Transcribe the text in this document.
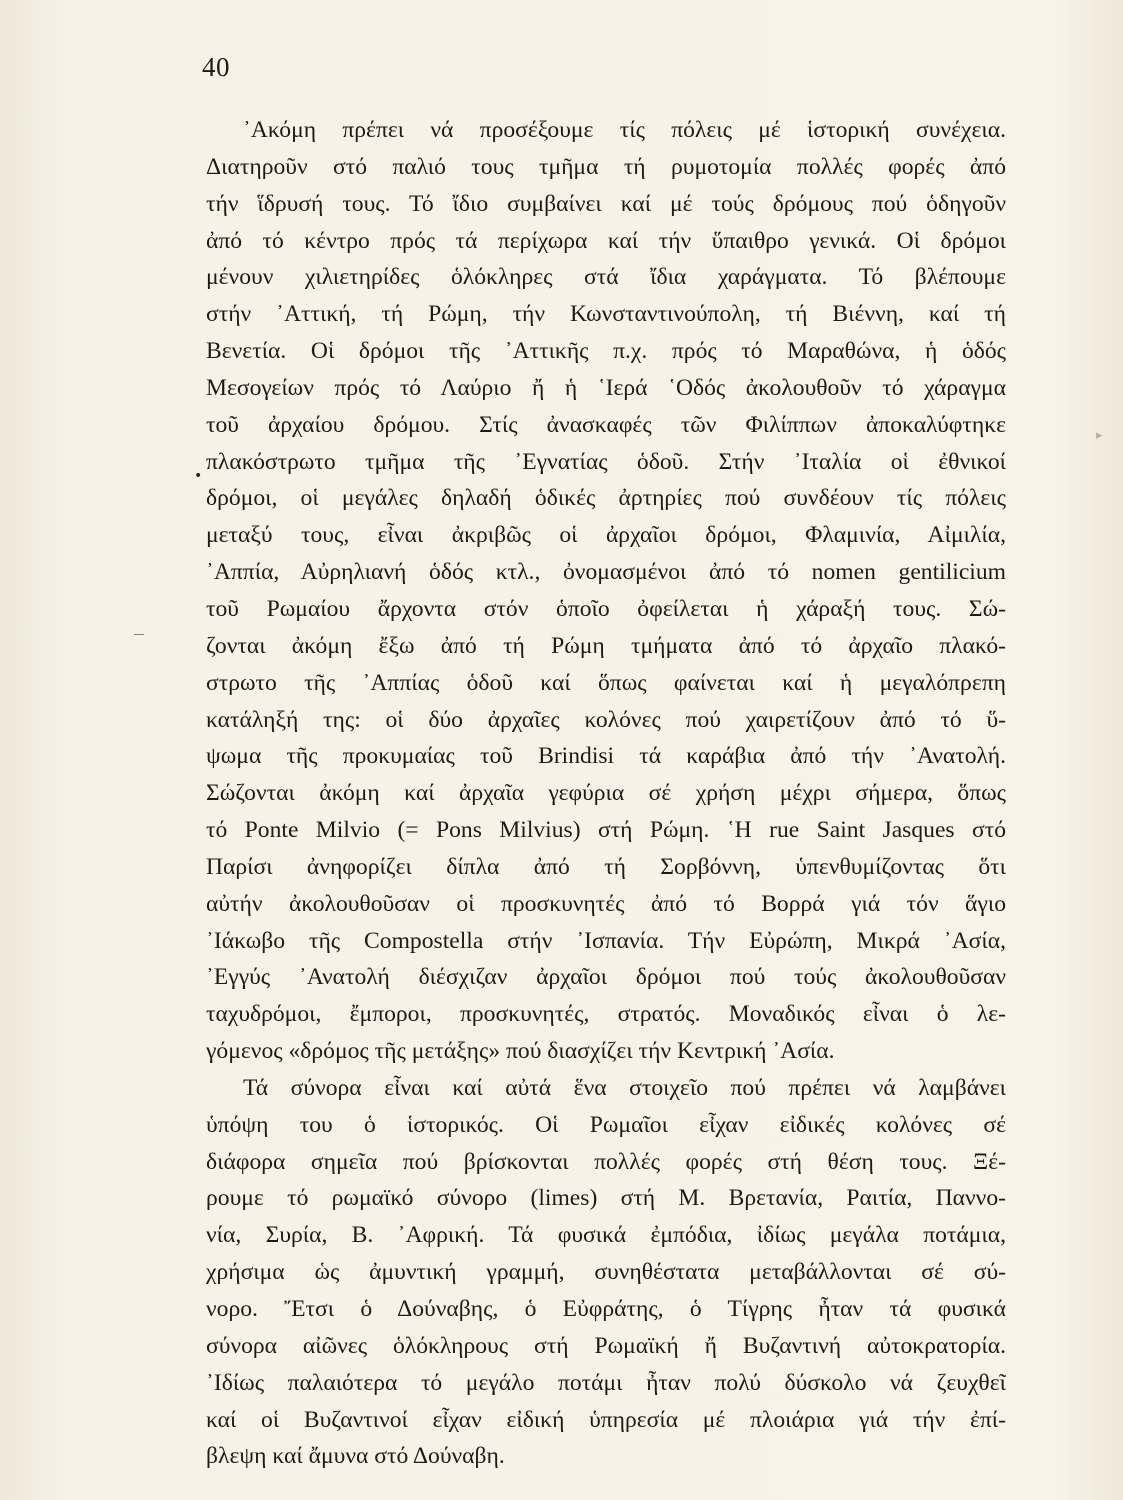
40
᾿Ακόμη πρέπει νά προσέξουμε τίς πόλεις μέ ἱστορική συνέχεια.
Διατηροῦν στό παλιό τους τμῆμα τή ρυμοτομία πολλές φορές ἀπό
τήν ἵδρυσή τους. Τό ἴδιο συμβαίνει καί μέ τούς δρόμους πού ὁδηγοῦν
ἀπό τό κέντρο πρός τά περίχωρα καί τήν ὕπαιθρο γενικά. Οἱ δρόμοι
μένουν χιλιετηρίδες ὁλόκληρες στά ἴδια χαράγματα. Τό βλέπουμε
στήν ᾿Αττική, τή Ρώμη, τήν Κωνσταντινούπολη, τή Βιέννη, καί τή
Βενετία. Οἱ δρόμοι τῆς ᾿Αττικῆς π.χ. πρός τό Μαραθώνα, ἡ ὁδός
Μεσογείων πρός τό Λαύριο ἤ ἡ ῾Ιερά ῾Οδός ἀκολουθοῦν τό χάραγμα
τοῦ ἀρχαίου δρόμου. Στίς ἀνασκαφές τῶν Φιλίππων ἀποκαλύφτηκε
πλακόστρωτο τμῆμα τῆς ᾿Εγνατίας ὁδοῦ. Στήν ᾿Ιταλία οἱ ἐθνικοί
δρόμοι, οἱ μεγάλες δηλαδή ὁδικές ἀρτηρίες πού συνδέουν τίς πόλεις
μεταξύ τους, εἶναι ἀκριβῶς οἱ ἀρχαῖοι δρόμοι, Φλαμινία, Αἰμιλία,
᾿Αππία, Αὐρηλιανή ὁδός κτλ., ὀνομασμένοι ἀπό τό nomen gentilicium
τοῦ Ρωμαίου ἄρχοντα στόν ὁποῖο ὀφείλεται ἡ χάραξή τους. Σώ-
ζονται ἀκόμη ἔξω ἀπό τή Ρώμη τμήματα ἀπό τό ἀρχαῖο πλακό-
στρωτο τῆς ᾿Αππίας ὁδοῦ καί ὅπως φαίνεται καί ἡ μεγαλόπρεπη
κατάληξή της: οἱ δύο ἀρχαῖες κολόνες πού χαιρετίζουν ἀπό τό ὕ-
ψωμα τῆς προκυμαίας τοῦ Brindisi τά καράβια ἀπό τήν ᾿Ανατολή.
Σώζονται ἀκόμη καί ἀρχαῖα γεφύρια σέ χρήση μέχρι σήμερα, ὅπως
τό Ponte Milvio (= Pons Milvius) στή Ρώμη. ῾Η rue Saint Jasques στό
Παρίσι ἀνηφορίζει δίπλα ἀπό τή Σορβόννη, ὑπενθυμίζοντας ὅτι
αὐτήν ἀκολουθοῦσαν οἱ προσκυνητές ἀπό τό Βορρά γιά τόν ἅγιο
᾿Ιάκωβο τῆς Compostella στήν ᾿Ισπανία. Τήν Εὐρώπη, Μικρά ᾿Ασία,
᾿Εγγύς ᾿Ανατολή διέσχιζαν ἀρχαῖοι δρόμοι πού τούς ἀκολουθοῦσαν
ταχυδρόμοι, ἔμποροι, προσκυνητές, στρατός. Μοναδικός εἶναι ὁ λε-
γόμενος «δρόμος τῆς μετάξης» πού διασχίζει τήν Κεντρική ᾿Ασία.
Τά σύνορα εἶναι καί αὐτά ἕνα στοιχεῖο πού πρέπει νά λαμβάνει
ὑπόψη του ὁ ἱστορικός. Οἱ Ρωμαῖοι εἶχαν εἰδικές κολόνες σέ
διάφορα σημεῖα πού βρίσκονται πολλές φορές στή θέση τους. Ξέ-
ρουμε τό ρωμαϊκό σύνορο (limes) στή Μ. Βρετανία, Ραιτία, Παννο-
νία, Συρία, Β. ᾿Αφρική. Τά φυσικά ἐμπόδια, ἰδίως μεγάλα ποτάμια,
χρήσιμα ὡς ἀμυντική γραμμή, συνηθέστατα μεταβάλλονται σέ σύ-
νορο. Ἔτσι ὁ Δούναβης, ὁ Εὐφράτης, ὁ Τίγρης ἦταν τά φυσικά
σύνορα αἰῶνες ὁλόκληρους στή Ρωμαϊκή ἤ Βυζαντινή αὐτοκρατορία.
᾿Ιδίως παλαιότερα τό μεγάλο ποτάμι ἦταν πολύ δύσκολο νά ζευχθεῖ
καί οἱ Βυζαντινοί εἶχαν εἰδική ὑπηρεσία μέ πλοιάρια γιά τήν ἐπί-
βλεψη καί ἄμυνα στό Δούναβη.
•
▸
